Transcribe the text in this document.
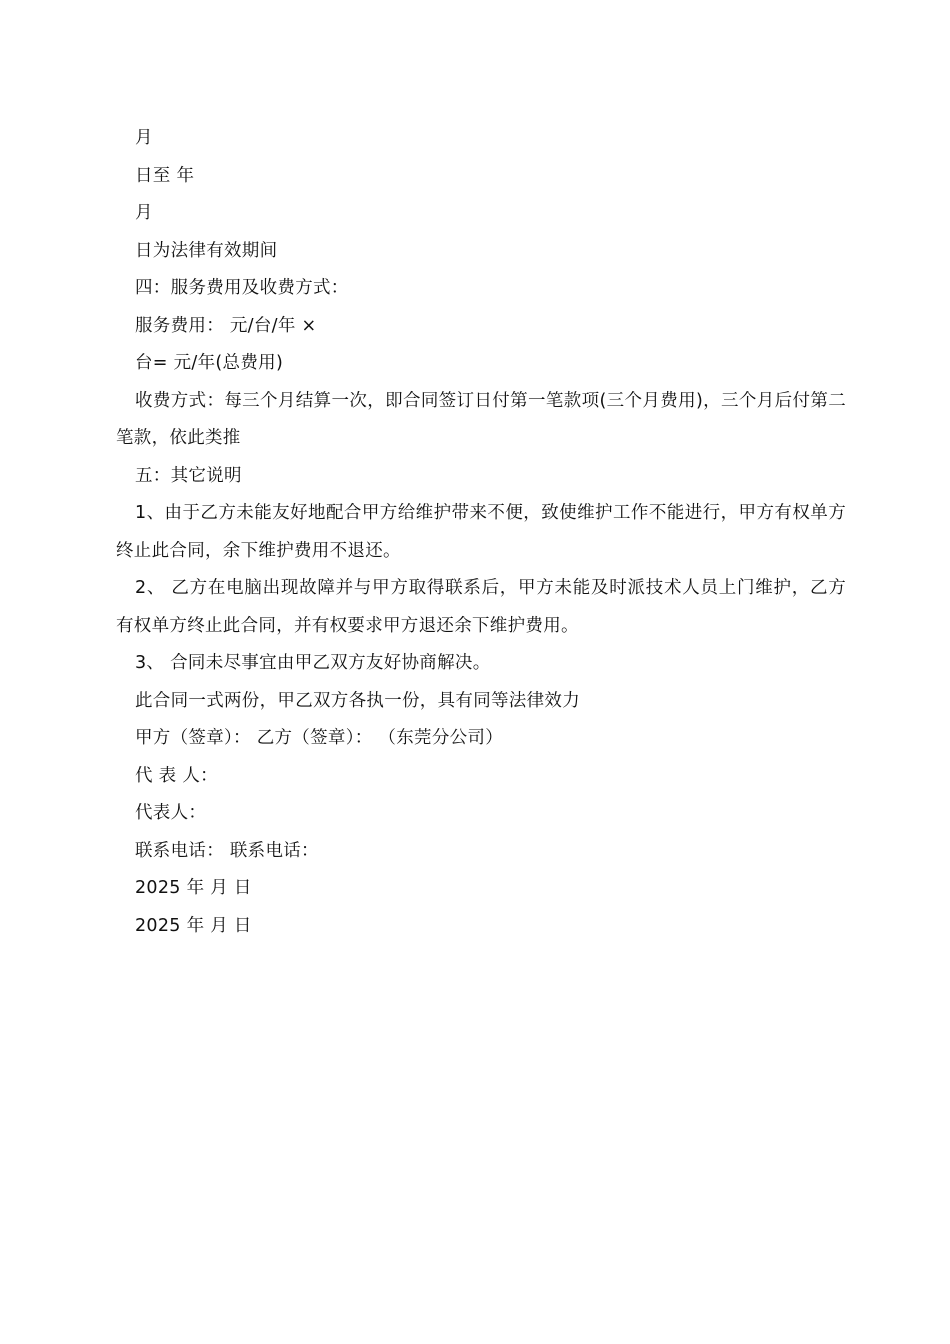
月

日至 年

月

日为法律有效期间

四：服务费用及收费方式：

服务费用： 元/台/年 ×

台= 元/年(总费用)

收费方式：每三个月结算一次，即合同签订日付第一笔款项(三个月费用)，三个月后付第二笔款，依此类推

五：其它说明

1、由于乙方未能友好地配合甲方给维护带来不便，致使维护工作不能进行，甲方有权单方终止此合同，余下维护费用不退还。

2、 乙方在电脑出现故障并与甲方取得联系后，甲方未能及时派技术人员上门维护，乙方有权单方终止此合同，并有权要求甲方退还余下维护费用。

3、 合同未尽事宜由甲乙双方友好协商解决。

此合同一式两份，甲乙双方各执一份，具有同等法律效力

甲方（签章）： 乙方（签章）： （东莞分公司）

代 表 人：

代表人：

联系电话： 联系电话：

2025 年 月 日

2025 年 月 日
